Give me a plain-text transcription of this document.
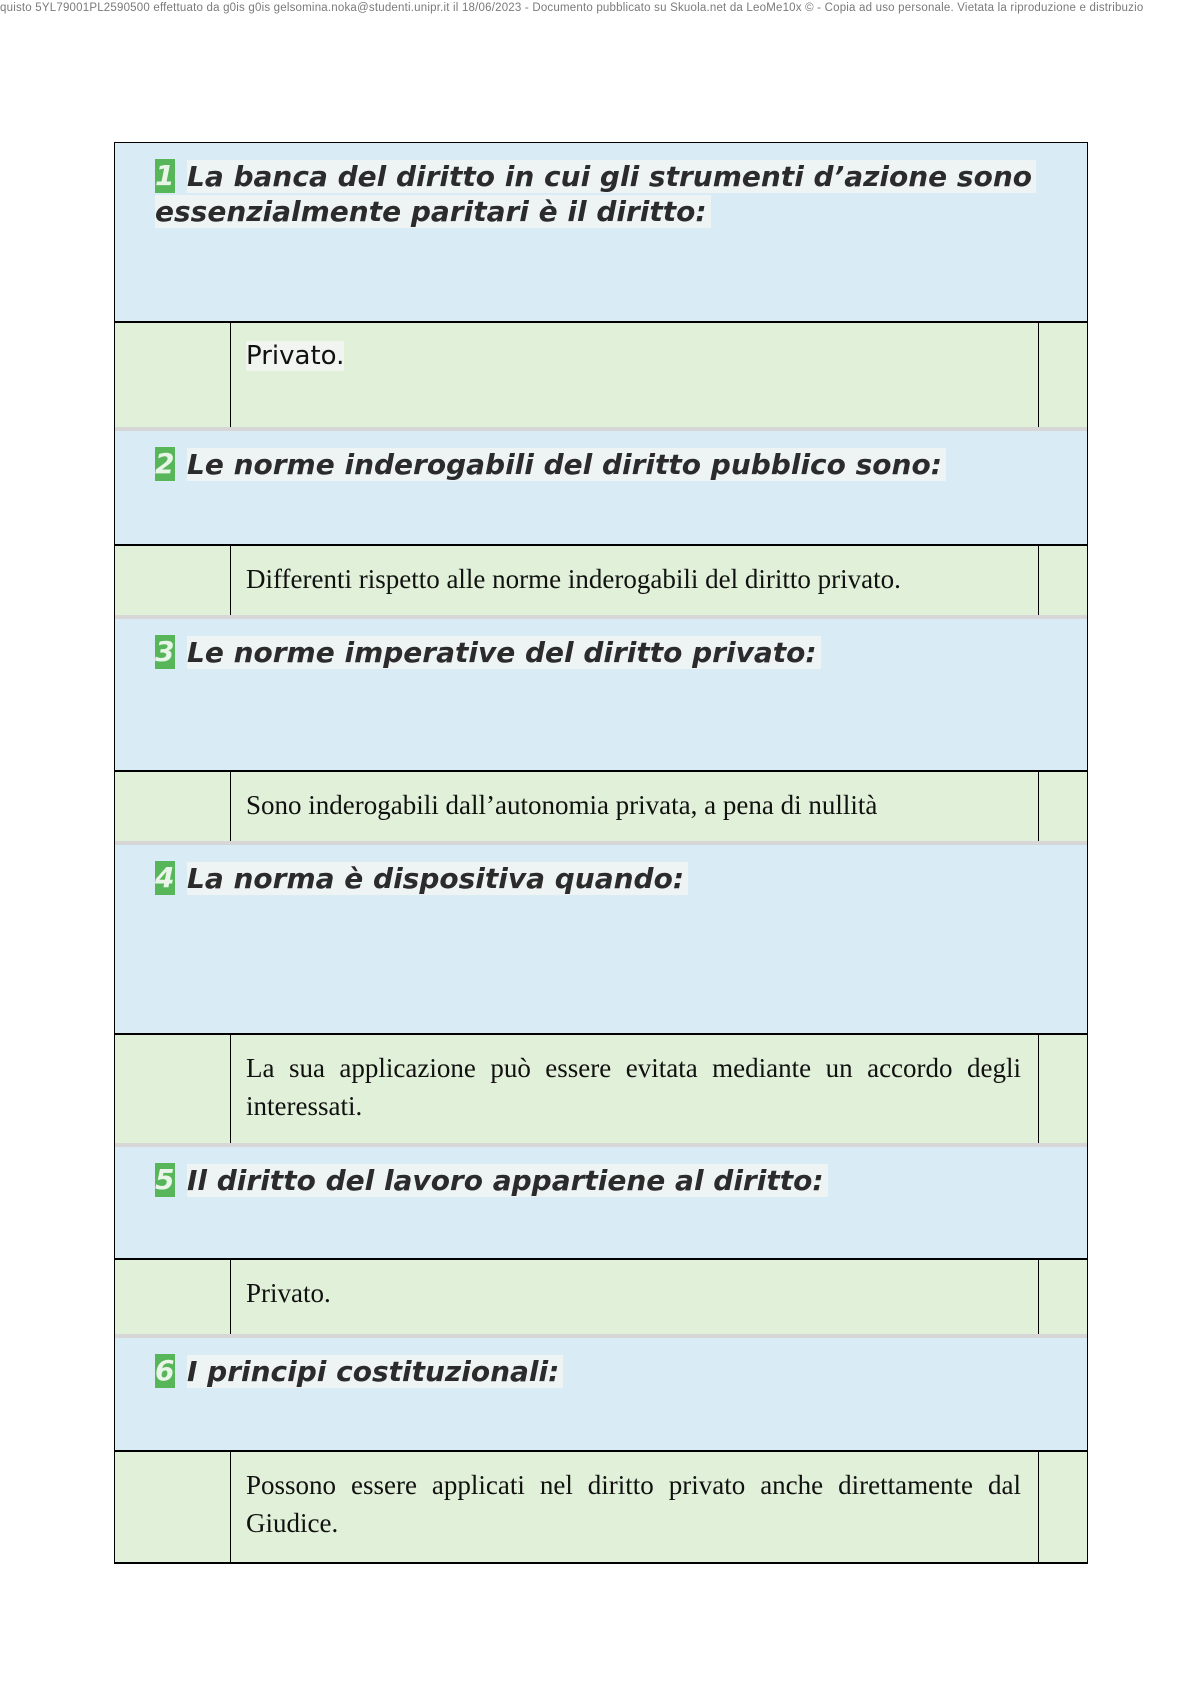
quisto 5YL79001PL2590500 effettuato da g0is g0is gelsomina.noka@studenti.unipr.it il 18/06/2023 - Documento pubblicato su Skuola.net da LeoMe10x © - Copia ad uso personale. Vietata la riproduzione e distribuzio
1 La banca del diritto in cui gli strumenti d’azione sono essenzialmente paritari è il diritto:
Privato.
2 Le norme inderogabili del diritto pubblico sono:
Differenti rispetto alle norme inderogabili del diritto privato.
3 Le norme imperative del diritto privato:
Sono inderogabili dall’autonomia privata, a pena di nullità
4 La norma è dispositiva quando:
La sua applicazione può essere evitata mediante un accordo degli interessati.
5 Il diritto del lavoro appartiene al diritto:
Privato.
6 I principi costituzionali:
Possono essere applicati nel diritto privato anche direttamente dal Giudice.
